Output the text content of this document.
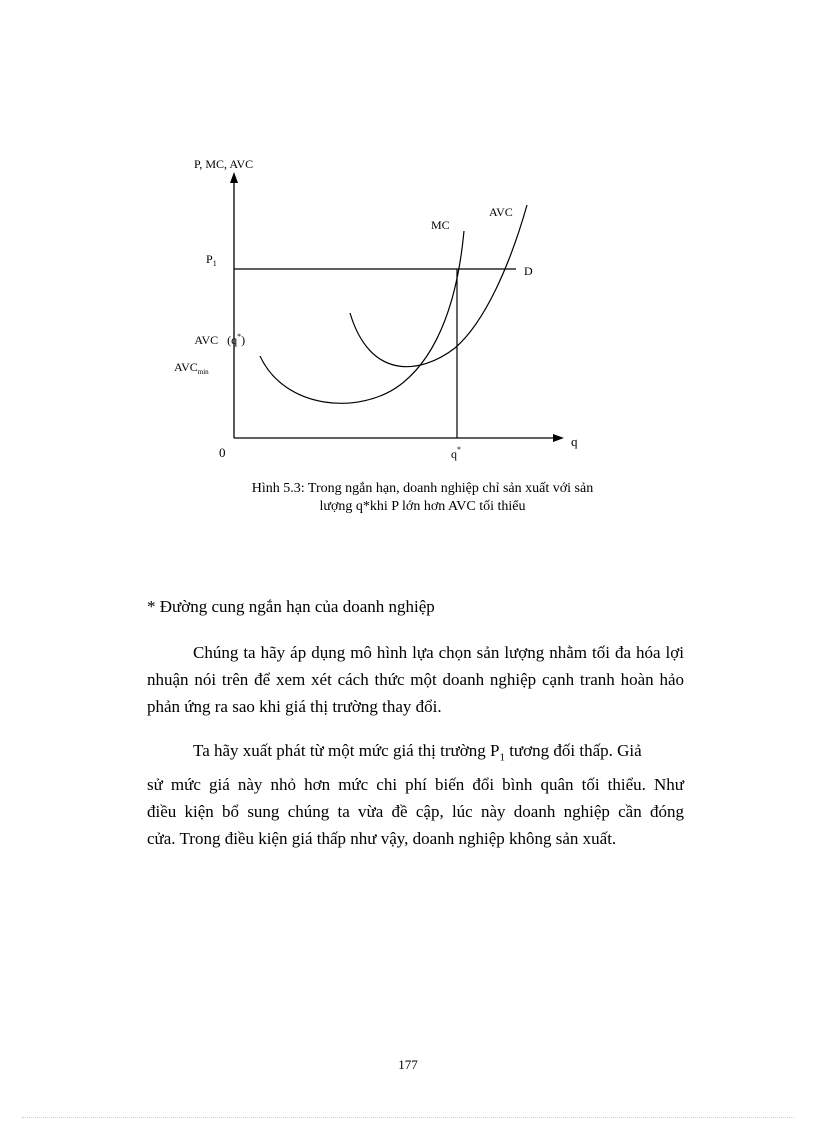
P, MC, AVC
q
0
$P_1$
AVC   (q*)
$AVC_{min}$
MC
AVC
D
q*
Hình 5.3: Trong ngắn hạn, doanh nghiệp chỉ sản xuất với sản
lượng q*khi P lớn hơn AVC tối thiểu
* Đường cung ngắn hạn của doanh nghiệp
Chúng ta hãy áp dụng mô hình lựa chọn sản lượng nhằm tối đa hóa lợi
nhuận nói trên để xem xét cách thức một doanh nghiệp cạnh tranh hoàn hảo
phản ứng ra sao khi giá thị trường thay đổi.
Ta hãy xuất phát từ một mức giá thị trường $P_1$ tương đối thấp. Giả
sử mức giá này nhỏ hơn mức chi phí biến đổi bình quân tối thiểu. Như
điều kiện bổ sung chúng ta vừa đề cập, lúc này doanh nghiệp cần đóng
cửa. Trong điều kiện giá thấp như vậy, doanh nghiệp không sản xuất.
177
